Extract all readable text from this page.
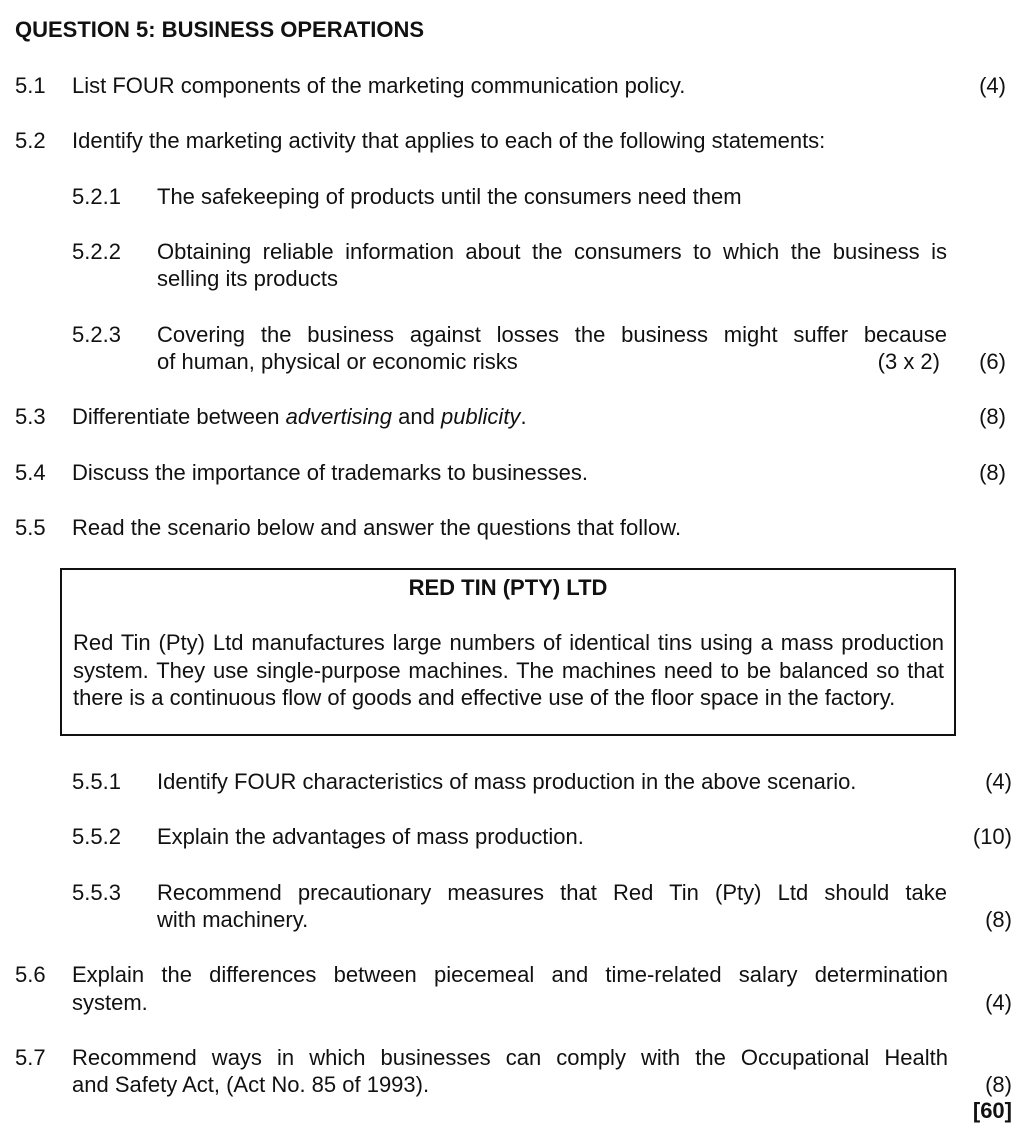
QUESTION 5: BUSINESS OPERATIONS
5.1 List FOUR components of the marketing communication policy.	(4)
5.2 Identify the marketing activity that applies to each of the following statements:
5.2.1 The safekeeping of products until the consumers need them
5.2.2 Obtaining reliable information about the consumers to which the business is selling its products
5.2.3 Covering the business against losses the business might suffer because
of human, physical or economic risks	(3 x 2) (6)
5.3 Differentiate between advertising and publicity.	(8)
5.4 Discuss the importance of trademarks to businesses.	(8)
5.5 Read the scenario below and answer the questions that follow.
RED TIN (PTY) LTD
Red Tin (Pty) Ltd manufactures large numbers of identical tins using a mass production system. They use single-purpose machines. The machines need to be balanced so that there is a continuous flow of goods and effective use of the floor space in the factory.
5.5.1 Identify FOUR characteristics of mass production in the above scenario.	(4)
5.5.2 Explain the advantages of mass production.	(10)
5.5.3 Recommend precautionary measures that Red Tin (Pty) Ltd should take
with machinery.	(8)
5.6 Explain the differences between piecemeal and time-related salary determination
system.	(4)
5.7 Recommend ways in which businesses can comply with the Occupational Health
and Safety Act, (Act No. 85 of 1993).	(8)
[60]
